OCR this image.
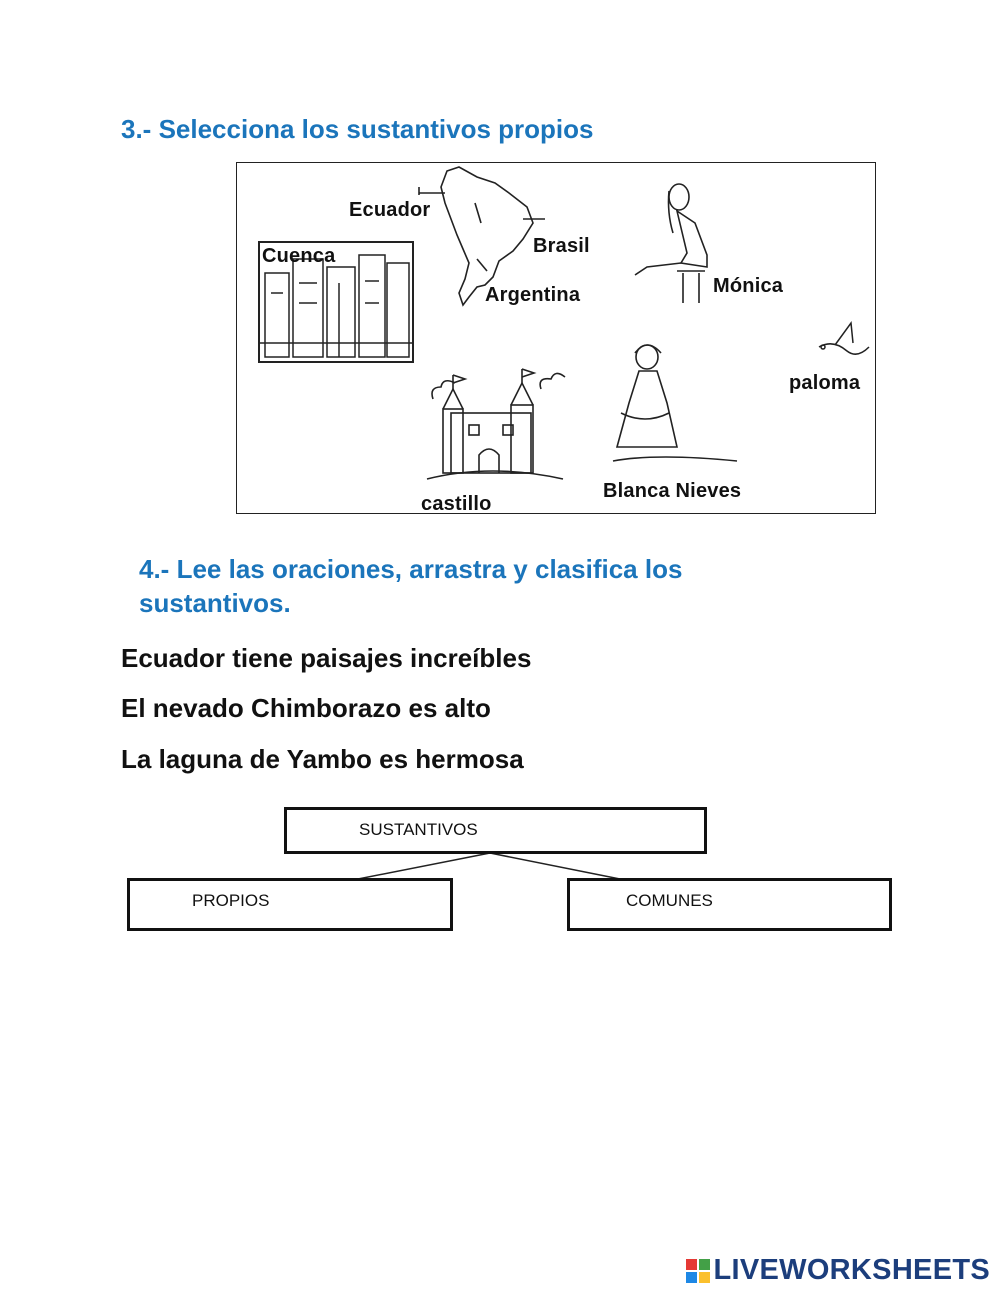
3.- Selecciona los sustantivos propios
Ecuador
Brasil
Cuenca
Argentina	Mónica
paloma
castillo
Blanca Nieves
4.- Lee las oraciones, arrastra y clasifica los
sustantivos.
Ecuador tiene paisajes increíbles
El nevado Chimborazo es alto
La laguna de Yambo es hermosa
SUSTANTIVOS
PROPIOS	COMUNES
LIVEWORKSHEETS
